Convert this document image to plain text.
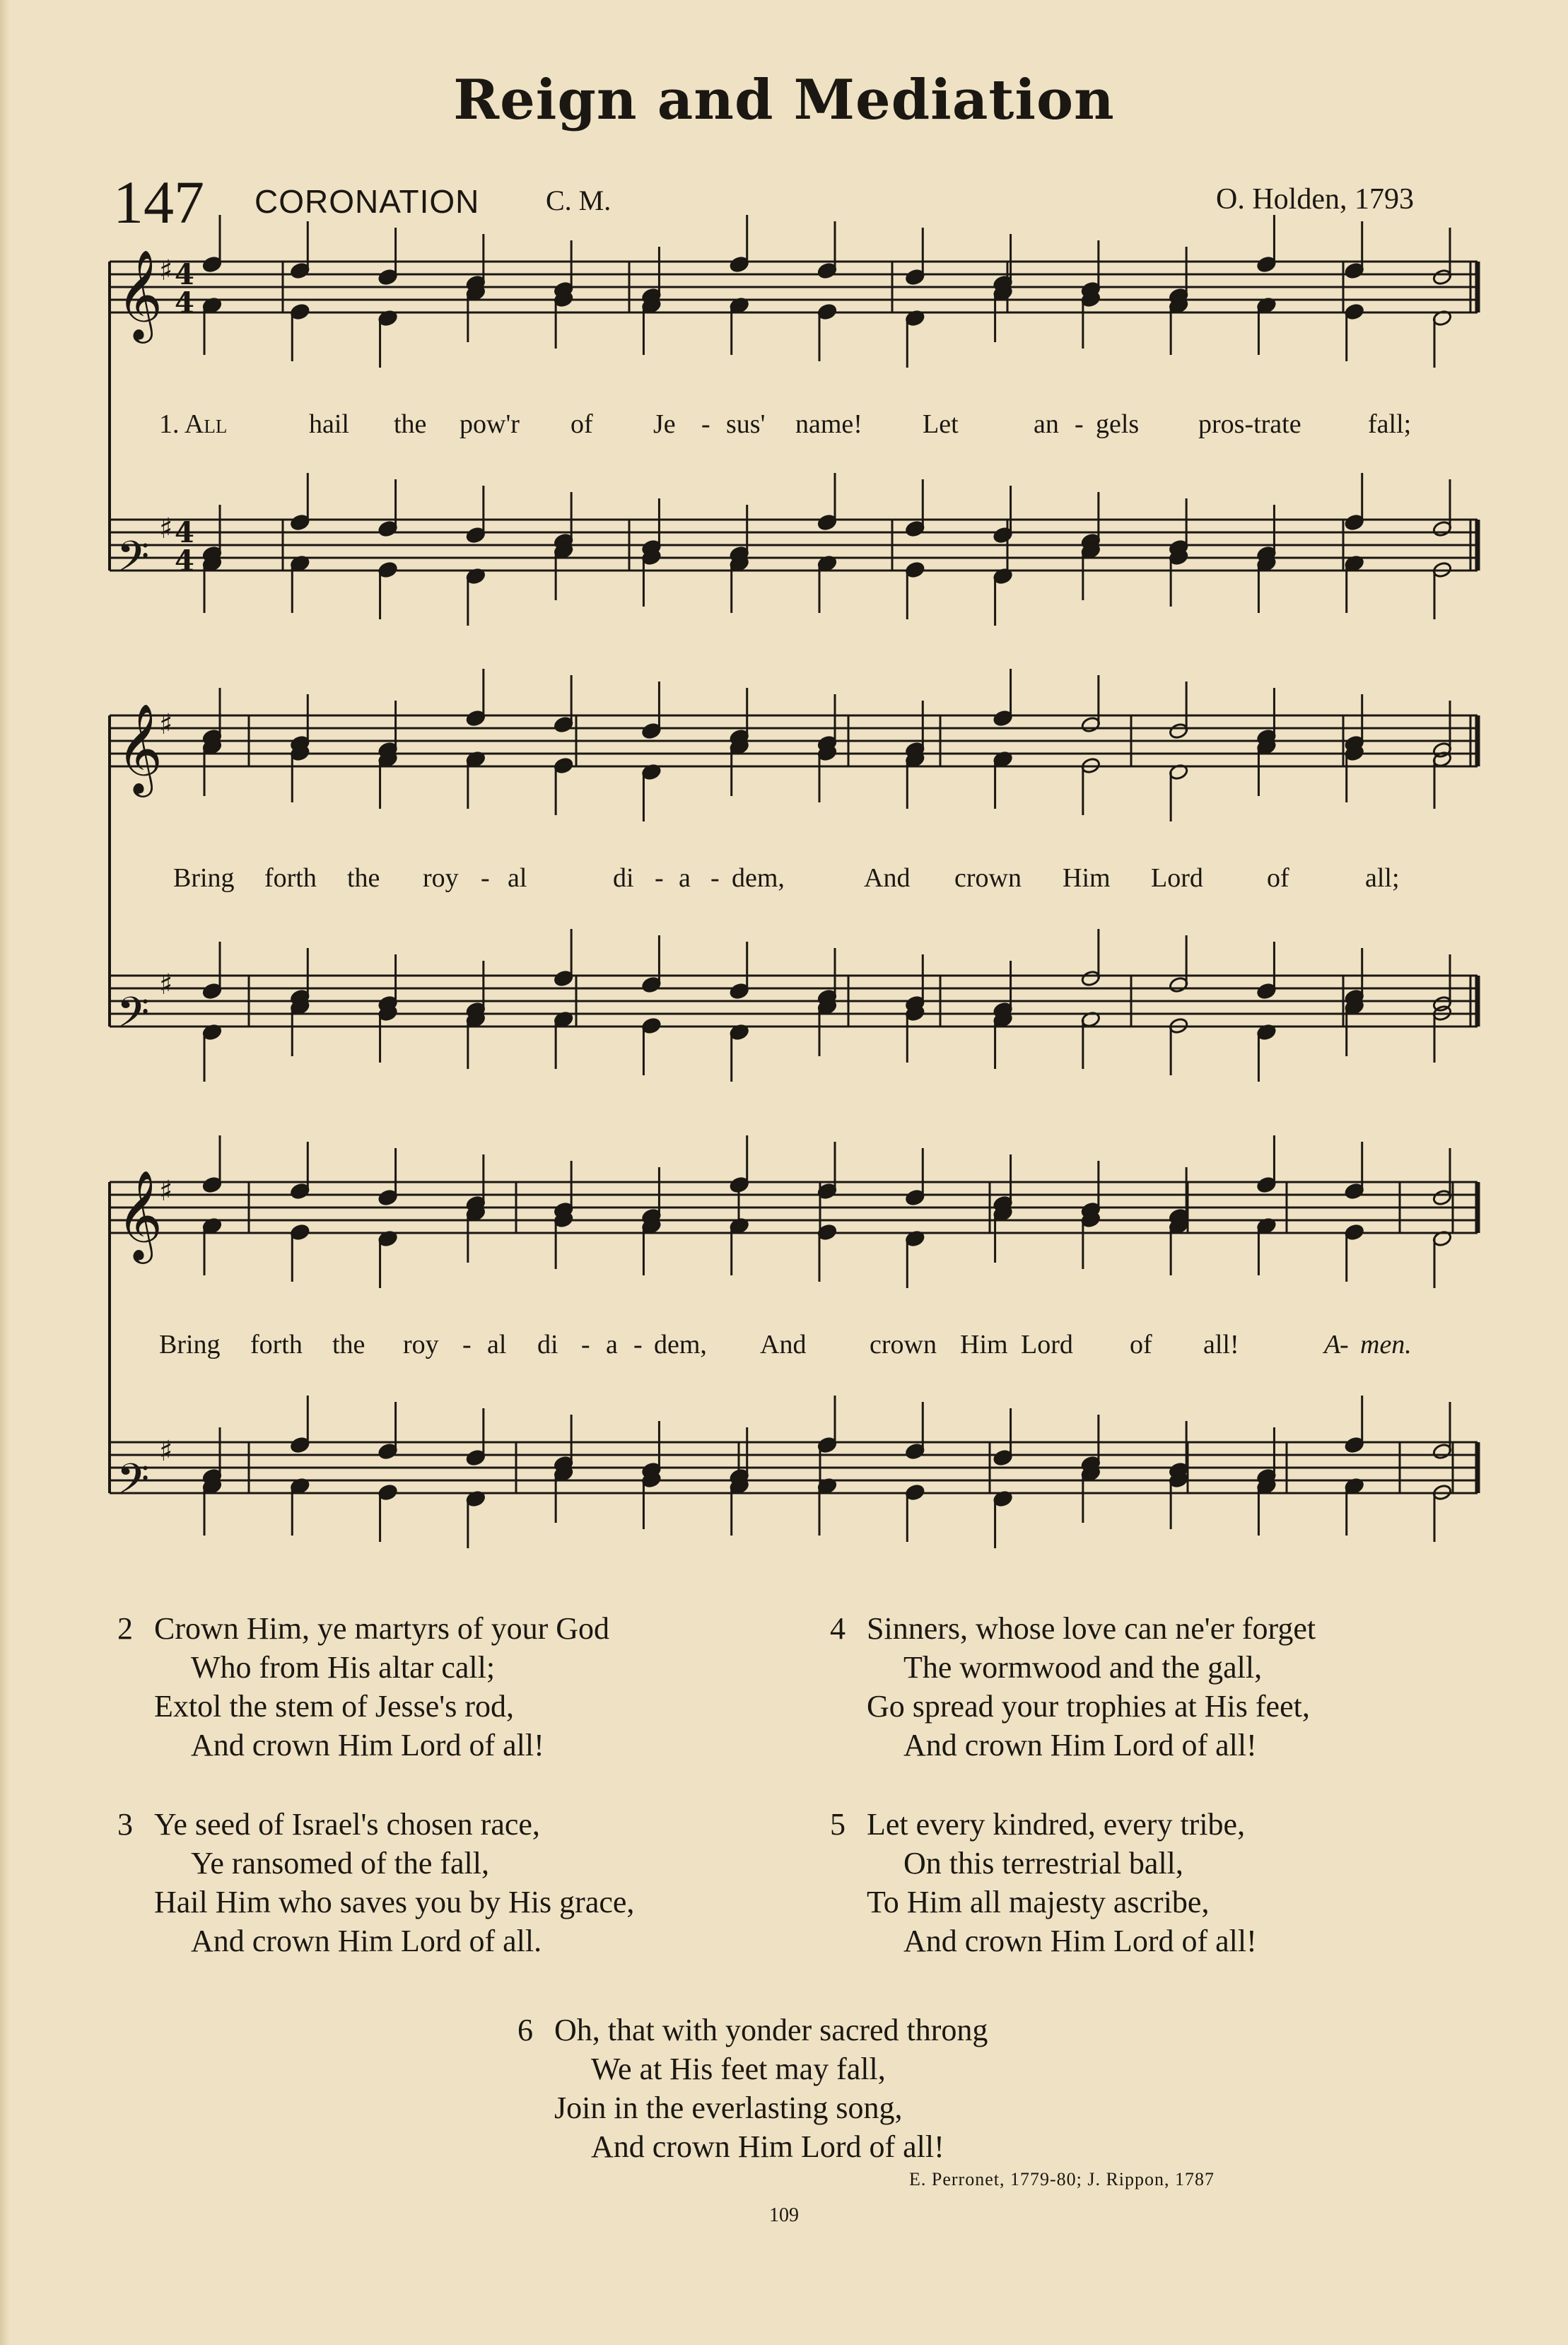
Reign and Mediation
147 CORONATION C. M.	O. Holden, 1793
𝄞
♯ 4
4
𝄢
♯ 4
4
𝄞
♯
𝄢
♯
𝄞
♯
𝄢
♯
1. All	hail the pow'r of Je - sus' name! Let	an - gels pros-trate fall;
Bring forth the roy - al	di - a - dem,	And crown Him Lord of	all;
Bring forth the roy - al di - a - dem, And crown Him Lord of all!	A
- men.
2 Crown Him, ye martyrs of your God
Who from His altar call;
Extol the stem of Jesse's rod,
And crown Him Lord of all!
4 Sinners, whose love can ne'er forget
The wormwood and the gall,
Go spread your trophies at His feet,
And crown Him Lord of all!
3 Ye seed of Israel's chosen race,
Ye ransomed of the fall,
Hail Him who saves you by His grace,
And crown Him Lord of all.
5 Let every kindred, every tribe,
On this terrestrial ball,
To Him all majesty ascribe,
And crown Him Lord of all!
6 Oh, that with yonder sacred throng
We at His feet may fall,
Join in the everlasting song,
And crown Him Lord of all!
E. Perronet, 1779-80; J. Rippon, 1787
109
